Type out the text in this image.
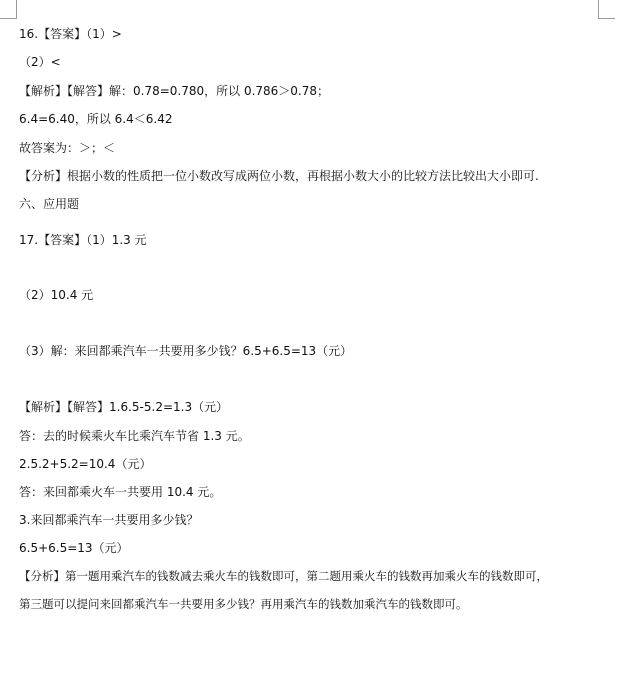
16.【答案】（1）>
（2）<
【解析】【解答】解：0.78=0.780，所以 0.786＞0.78；
6.4=6.40，所以 6.4＜6.42
故答案为：＞；＜
【分析】根据小数的性质把一位小数改写成两位小数，再根据小数大小的比较方法比较出大小即可.
六、应用题
17.【答案】（1）1.3 元
（2）10.4 元
（3）解：来回都乘汽车一共要用多少钱？6.5+6.5=13（元）
【解析】【解答】1.6.5-5.2=1.3（元）
答：去的时候乘火车比乘汽车节省 1.3 元。
2.5.2+5.2=10.4（元）
答：来回都乘火车一共要用 10.4 元。
3.来回都乘汽车一共要用多少钱？
6.5+6.5=13（元）
【分析】第一题用乘汽车的钱数减去乘火车的钱数即可，第二题用乘火车的钱数再加乘火车的钱数即可，
第三题可以提问来回都乘汽车一共要用多少钱？再用乘汽车的钱数加乘汽车的钱数即可。
